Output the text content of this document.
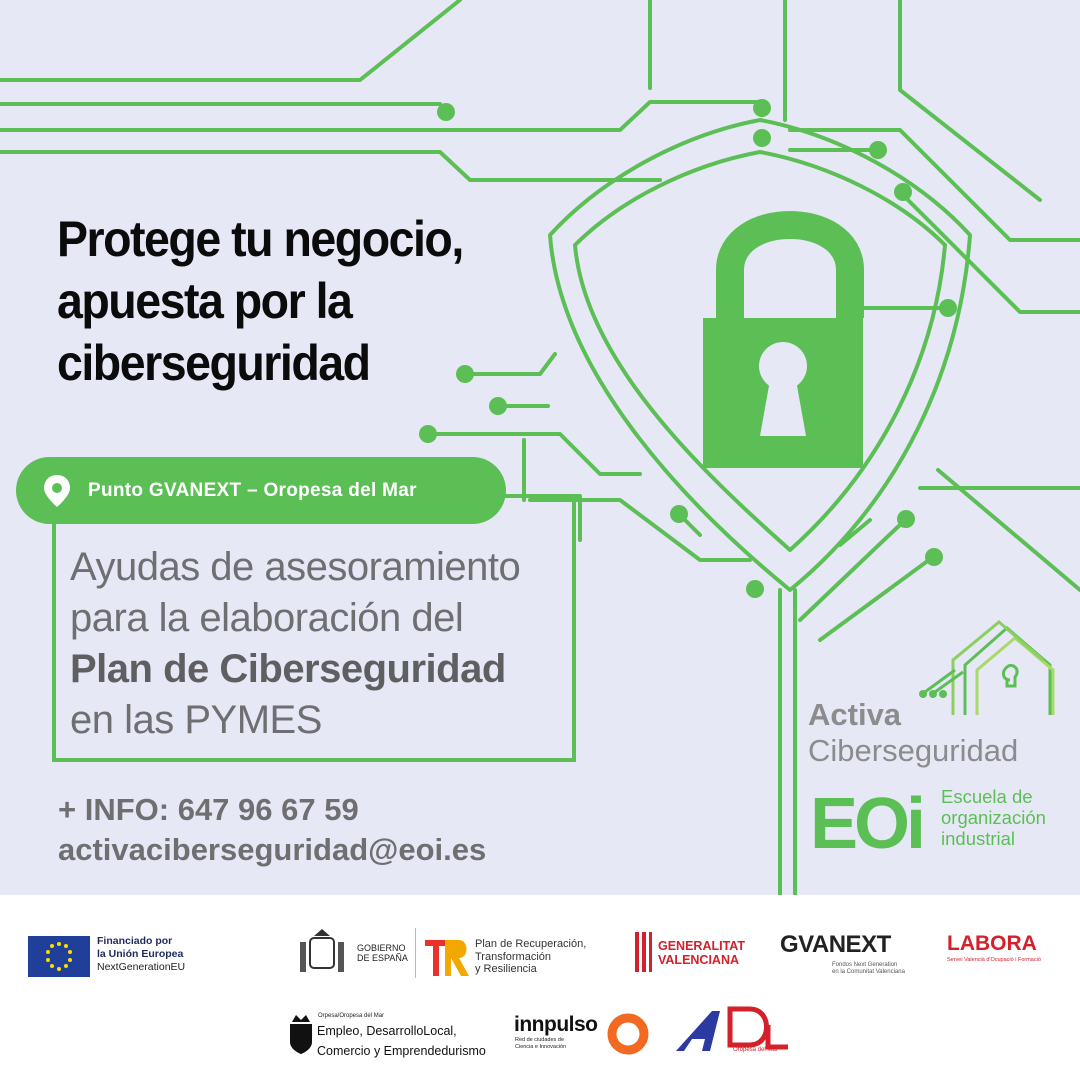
Protege tu negocio,
apuesta por la
ciberseguridad
Punto GVANEXT – Oropesa del Mar
Ayudas de asesoramiento
para la elaboración del
Plan de Ciberseguridad
en las PYMES
+ INFO: 647 96 67 59
activaciberseguridad@eoi.es
Activa
Ciberseguridad
EOi Escuela de
organización
industrial
Financiado por
la Unión Europea
NextGenerationEU
GOBIERNO
DE ESPAÑA
Plan de Recuperación,
Transformación
y Resiliencia
GENERALITAT
VALENCIANA
GVANEXT
Fondos Next Generation
en la Comunitat Valenciana
LABORA
Servei Valencià d'Ocupació i Formació
Orpesa/Oropesa del Mar
Empleo, DesarrolloLocal,
Comercio y Emprendedurismo
innpulso
Red de ciudades de
Ciencia e Innovación	Oropesa del Mar
